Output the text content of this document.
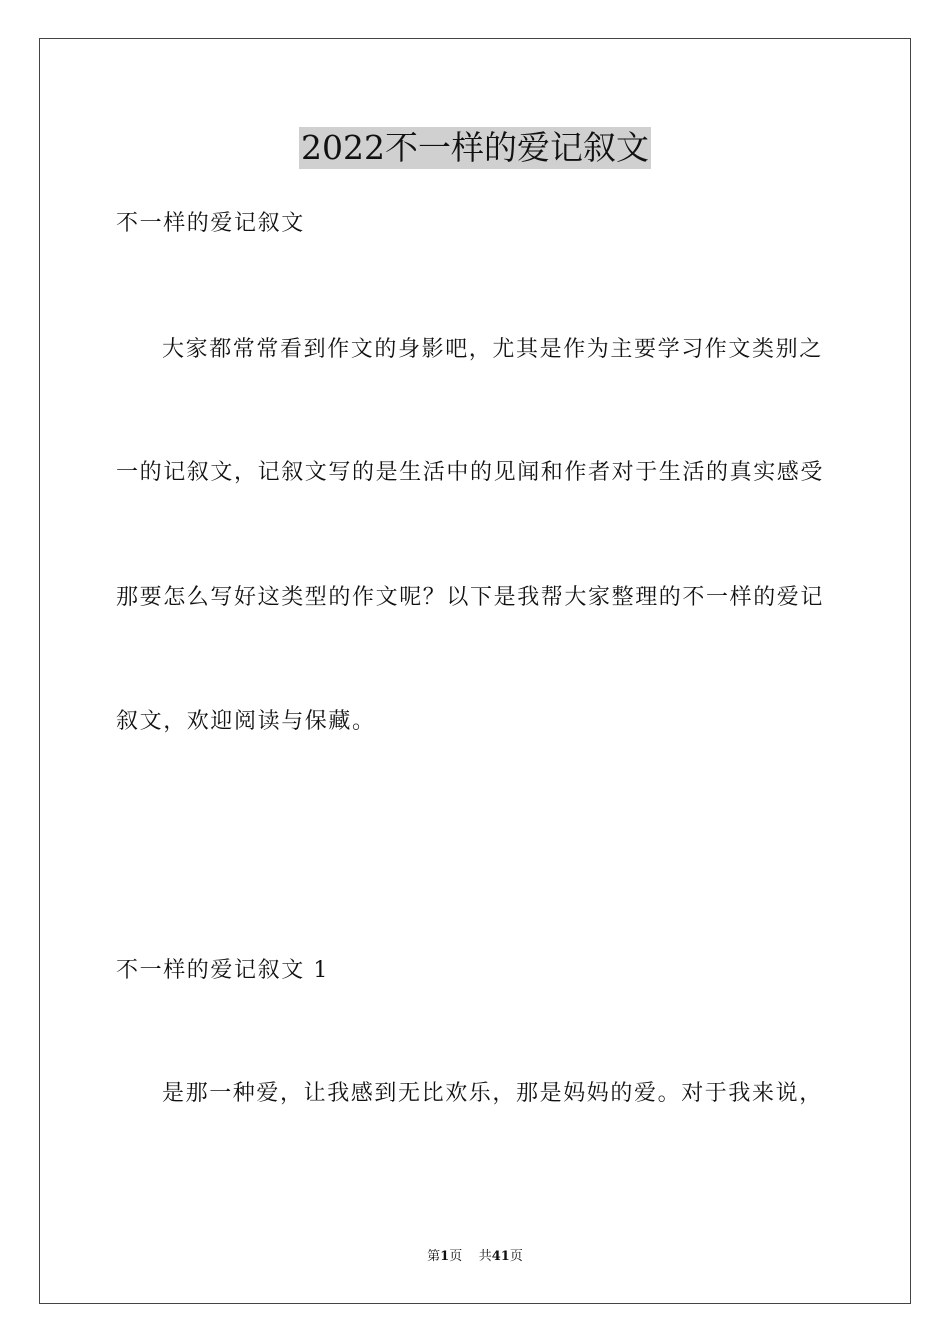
2022不一样的爱记叙文
不一样的爱记叙文
大家都常常看到作文的身影吧，尤其是作为主要学习作文类别之
一的记叙文，记叙文写的是生活中的见闻和作者对于生活的真实感受
那要怎么写好这类型的作文呢？以下是我帮大家整理的不一样的爱记
叙文，欢迎阅读与保藏。
不一样的爱记叙文 1
是那一种爱，让我感到无比欢乐，那是妈妈的爱。对于我来说，
第1页 共41页
